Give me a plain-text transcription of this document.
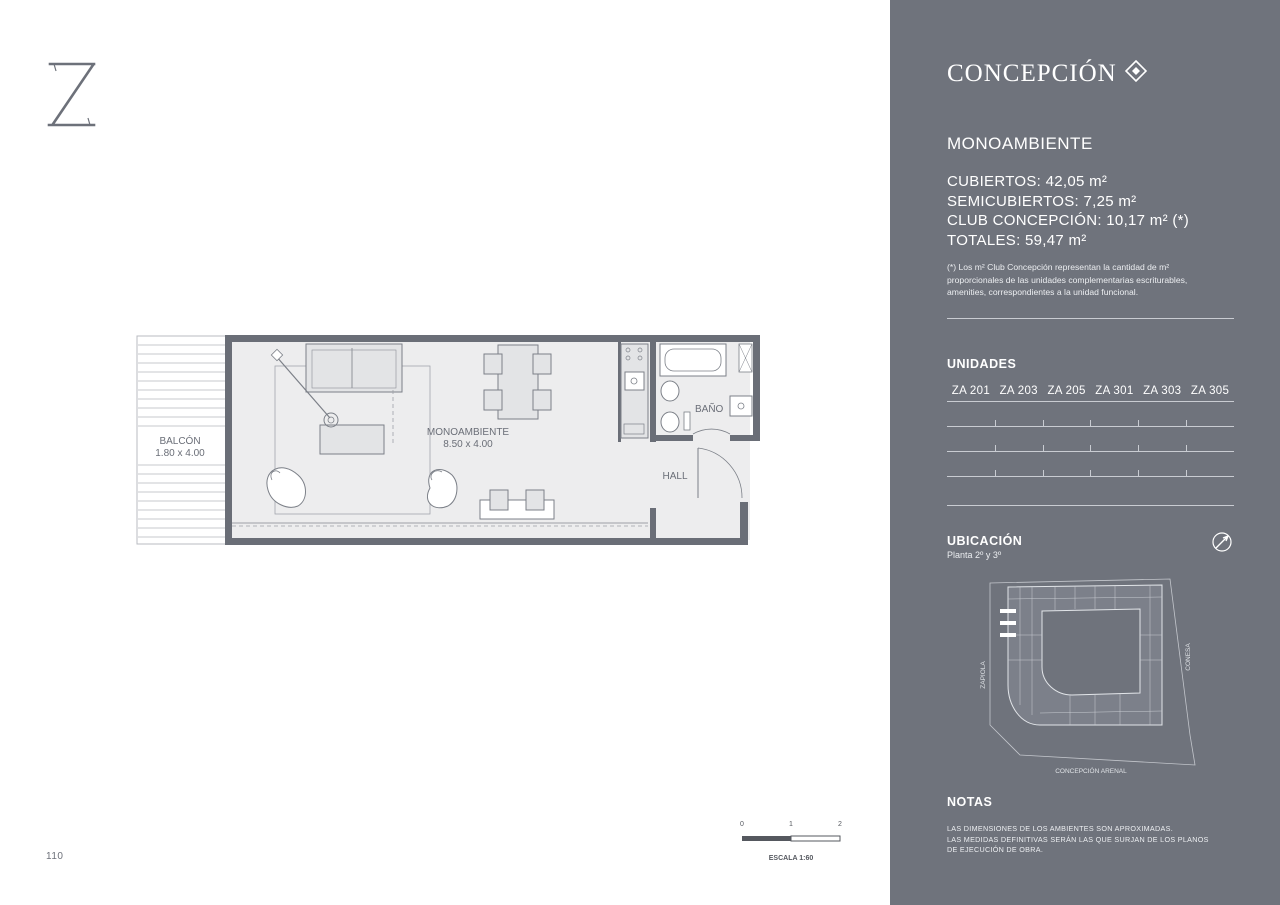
BALCÓN
1.80 x 4.00
MONOAMBIENTE
8.50 x 4.00
BAÑO
HALL
0	1	2
ESCALA 1:60
110
CONCEPCIÓN
MONOAMBIENTE
CUBIERTOS: 42,05 m²
SEMICUBIERTOS: 7,25 m²
CLUB CONCEPCIÓN: 10,17 m² (*)
TOTALES: 59,47 m²
(*) Los m² Club Concepción representan la cantidad de m² proporcionales de las unidades complementarias escriturables, amenities, correspondientes a la unidad funcional.
UNIDADES
ZA 201 ZA 203 ZA 205 ZA 301 ZA 303 ZA 305
UBICACIÓN
Planta 2º y 3º
ZAPIOLA
CONESA
CONCEPCIÓN ARENAL
NOTAS
LAS DIMENSIONES DE LOS AMBIENTES SON APROXIMADAS.
LAS MEDIDAS DEFINITIVAS SERÁN LAS QUE SURJAN DE LOS PLANOS
DE EJECUCIÓN DE OBRA.
